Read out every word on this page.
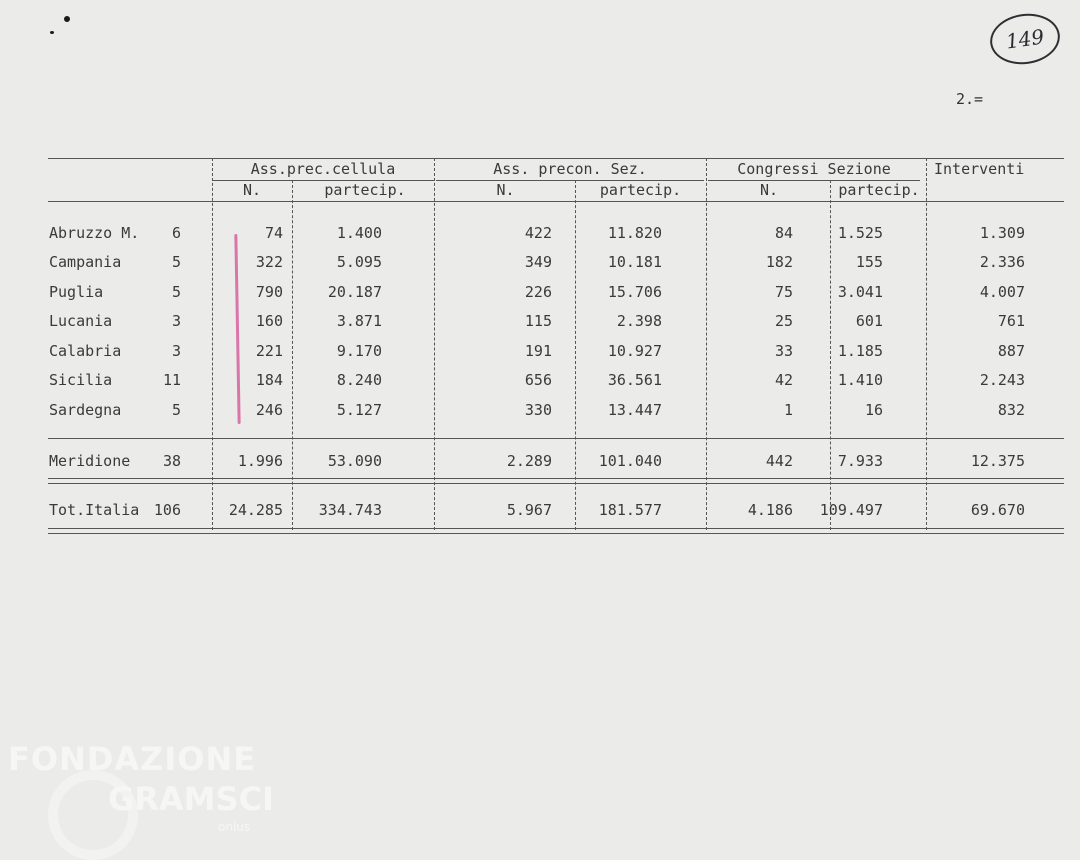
149
2.=
Ass.prec.cellula	Ass. precon. Sez.	Congressi Sezione	Interventi
N.	partecip.	N.	partecip.	N.	partecip.
Abruzzo M.	6	74	1.400	422	11.820	84	1.525	1.309
Campania	5	322	5.095	349	10.181	182	155	2.336
Puglia	5	790	20.187	226	15.706	75	3.041	4.007
Lucania	3	160	3.871	115	2.398	25	601	761
Calabria	3	221	9.170	191	10.927	33	1.185	887
Sicilia	11	184	8.240	656	36.561	42	1.410	2.243
Sardegna	5	246	5.127	330	13.447	1	16	832
Meridione	38	1.996	53.090	2.289	101.040	442	7.933	12.375
Tot.Italia 106	24.285	334.743	5.967	181.577	4.186	109.497	69.670
FONDAZIONE
GRAMSCI
onlus
